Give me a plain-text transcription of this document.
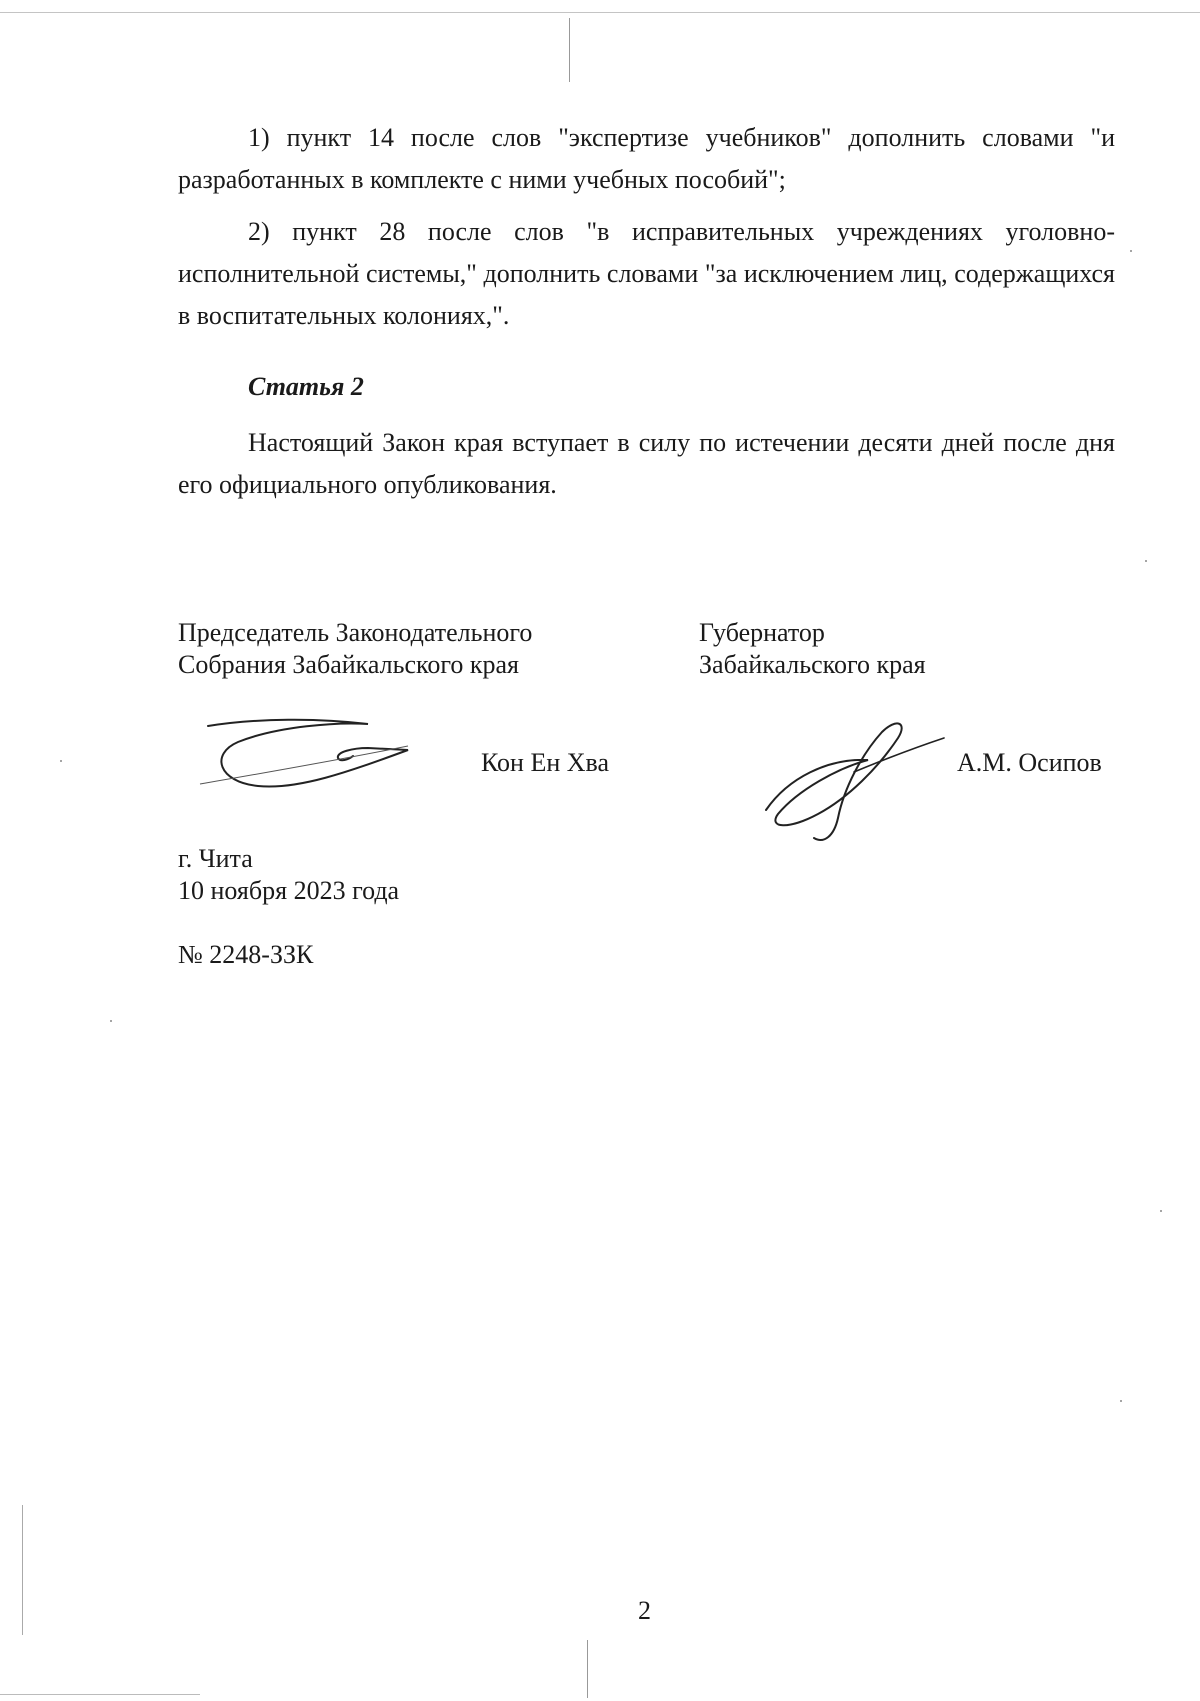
1) пункт 14 после слов "экспертизе учебников" дополнить словами "и разработанных в комплекте с ними учебных пособий";

2) пункт 28 после слов "в исправительных учреждениях уголовно-исполнительной системы," дополнить словами "за исключением лиц, содержащихся в воспитательных колониях,".

Статья 2

Настоящий Закон края вступает в силу по истечении десяти дней после дня его официального опубликования.

Председатель Законодательного
Собрания Забайкальского края
Кон Ен Хва
Губернатор
Забайкальского края
А.М. Осипов
г. Чита
10 ноября 2023 года
№ 2248-ЗЗК
2
